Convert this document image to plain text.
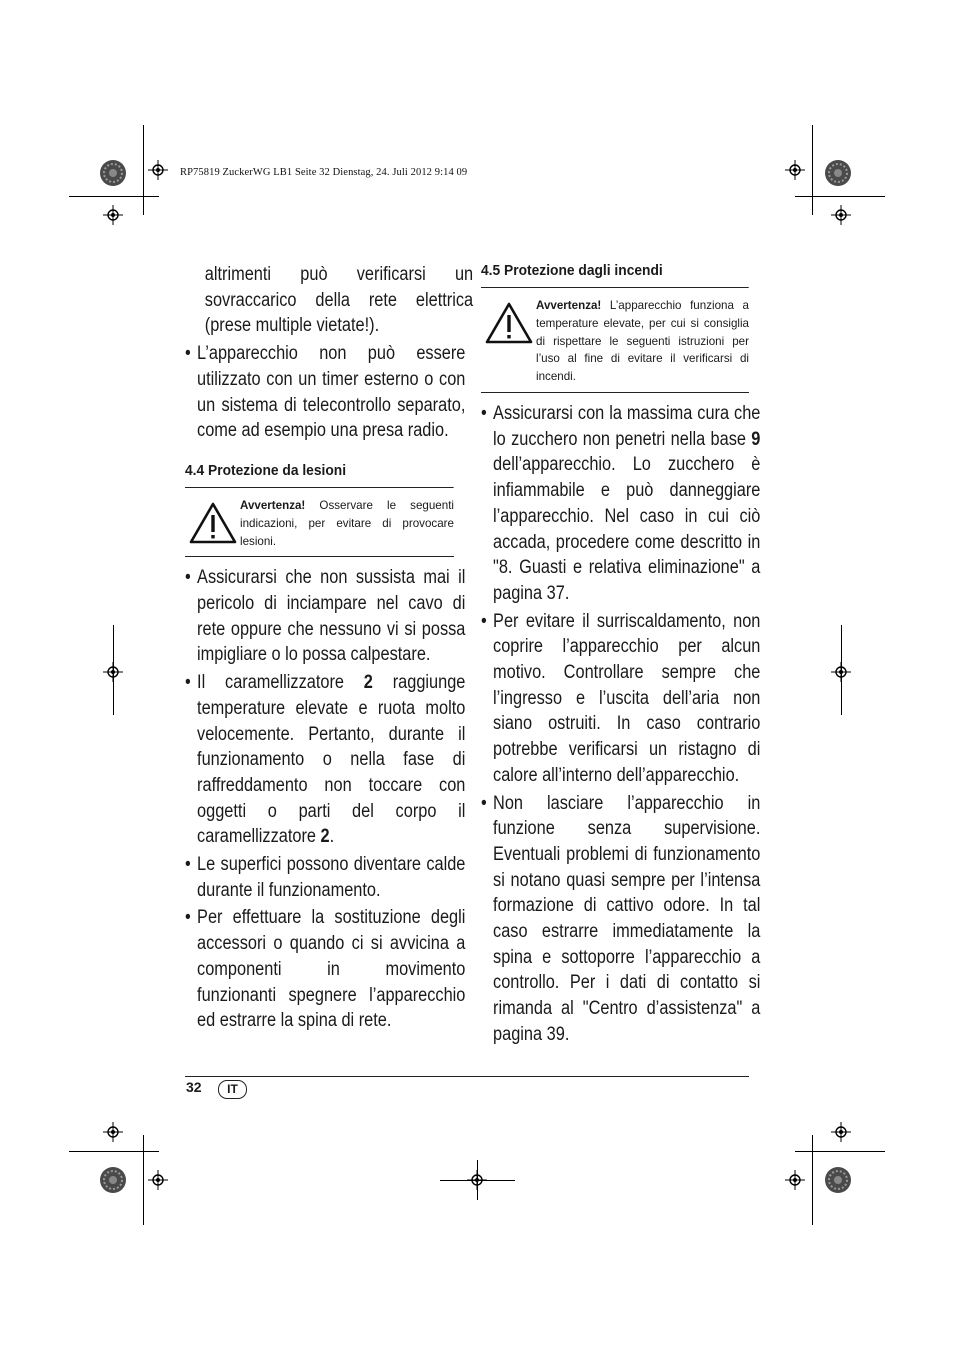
RP75819 ZuckerWG LB1 Seite 32 Dienstag, 24. Juli 2012 9:14 09
altrimenti può verificarsi un sovraccarico della rete elettrica (prese multiple vietate!).
• L’apparecchio non può essere utilizzato con un timer esterno o con un sistema di telecontrollo separato, come ad esempio una presa radio.
4.4 Protezione da lesioni
Avvertenza! Osservare le seguenti indicazioni, per evitare di provocare lesioni.
• Assicurarsi che non sussista mai il pericolo di inciampare nel cavo di rete oppure che nessuno vi si possa impigliare o lo possa calpestare.
• Il caramellizzatore 2 raggiunge temperature elevate e ruota molto velocemente. Pertanto, durante il funzionamento o nella fase di raffreddamento non toccare con oggetti o parti del corpo il caramellizzatore 2.
• Le superfici possono diventare calde durante il funzionamento.
• Per effettuare la sostituzione degli accessori o quando ci si avvicina a componenti in movimento funzionanti spegnere l’apparecchio ed estrarre la spina di rete.
4.5 Protezione dagli incendi
Avvertenza! L’apparecchio funziona a temperature elevate, per cui si consiglia di rispettare le seguenti istruzioni per l’uso al fine di evitare il verificarsi di incendi.
• Assicurarsi con la massima cura che lo zucchero non penetri nella base 9 dell’apparecchio. Lo zucchero è infiammabile e può danneggiare l’apparecchio. Nel caso in cui ciò accada, procedere come descritto in "8. Guasti e relativa eliminazione" a pagina 37.
• Per evitare il surriscaldamento, non coprire l’apparecchio per alcun motivo. Controllare sempre che l’ingresso e l’uscita dell’aria non siano ostruiti. In caso contrario potrebbe verificarsi un ristagno di calore all’interno dell’apparecchio.
• Non lasciare l’apparecchio in funzione senza supervisione. Eventuali problemi di funzionamento si notano quasi sempre per l’intensa formazione di cattivo odore. In tal caso estrarre immediatamente la spina e sottoporre l’apparecchio a controllo. Per i dati di contatto si rimanda al "Centro d’assistenza" a pagina 39.
32	IT
